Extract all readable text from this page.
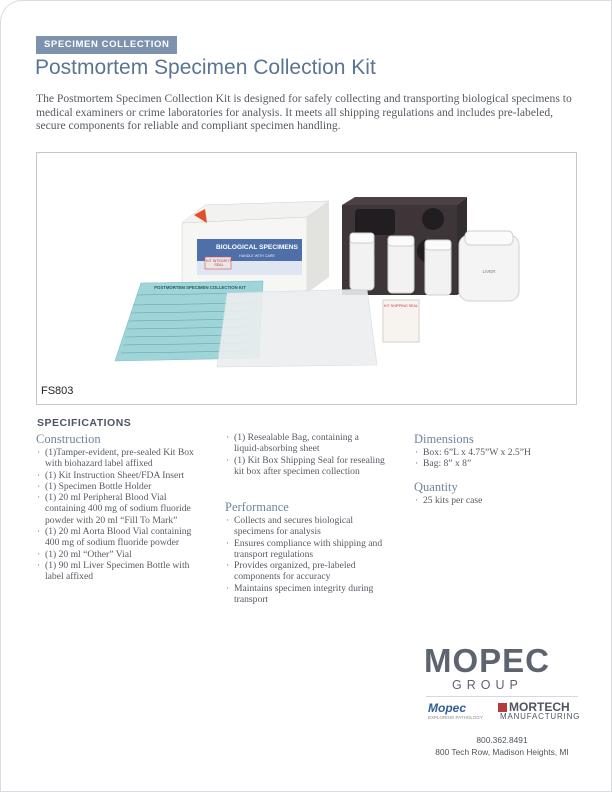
SPECIMEN COLLECTION
Postmortem Specimen Collection Kit
The Postmortem Specimen Collection Kit is designed for safely collecting and transporting biological specimens to medical examiners or crime laboratories for analysis. It meets all shipping regulations and includes pre-labeled, secure components for reliable and compliant specimen handling.
BIOLOGICAL SPECIMENS
HANDLE WITH CARE
KIT INTEGRITY SEAL
POSTMORTEM SPECIMEN COLLECTION KIT
LIVER
KIT SHIPPING SEAL
FS803
SPECIFICATIONS
Construction
· (1)Tamper-evident, pre-sealed Kit Box with biohazard label affixed
· (1) Kit Instruction Sheet/FDA Insert
· (1) Specimen Bottle Holder
· (1) 20 ml Peripheral Blood Vial containing 400 mg of sodium fluoride powder with 20 ml “Fill To Mark”
· (1) 20 ml Aorta Blood Vial containing 400 mg of sodium fluoride powder
· (1) 20 ml “Other” Vial
· (1) 90 ml Liver Specimen Bottle with label affixed
· (1) Resealable Bag, containing a liquid-absorbing sheet
· (1) Kit Box Shipping Seal for resealing kit box after specimen collection
Performance
· Collects and secures biological specimens for analysis
· Ensures compliance with shipping and transport regulations
· Provides organized, pre-labeled components for accuracy
· Maintains specimen integrity during transport
Dimensions
· Box: 6”L x 4.75”W x 2.5”H
· Bag: 8” x 8”
Quantity
· 25 kits per case
MOPEC
GROUP
Mopec
EXPLORING PATHOLOGY
MORTECH
MANUFACTURING
800.362.8491
800 Tech Row, Madison Heights, MI
